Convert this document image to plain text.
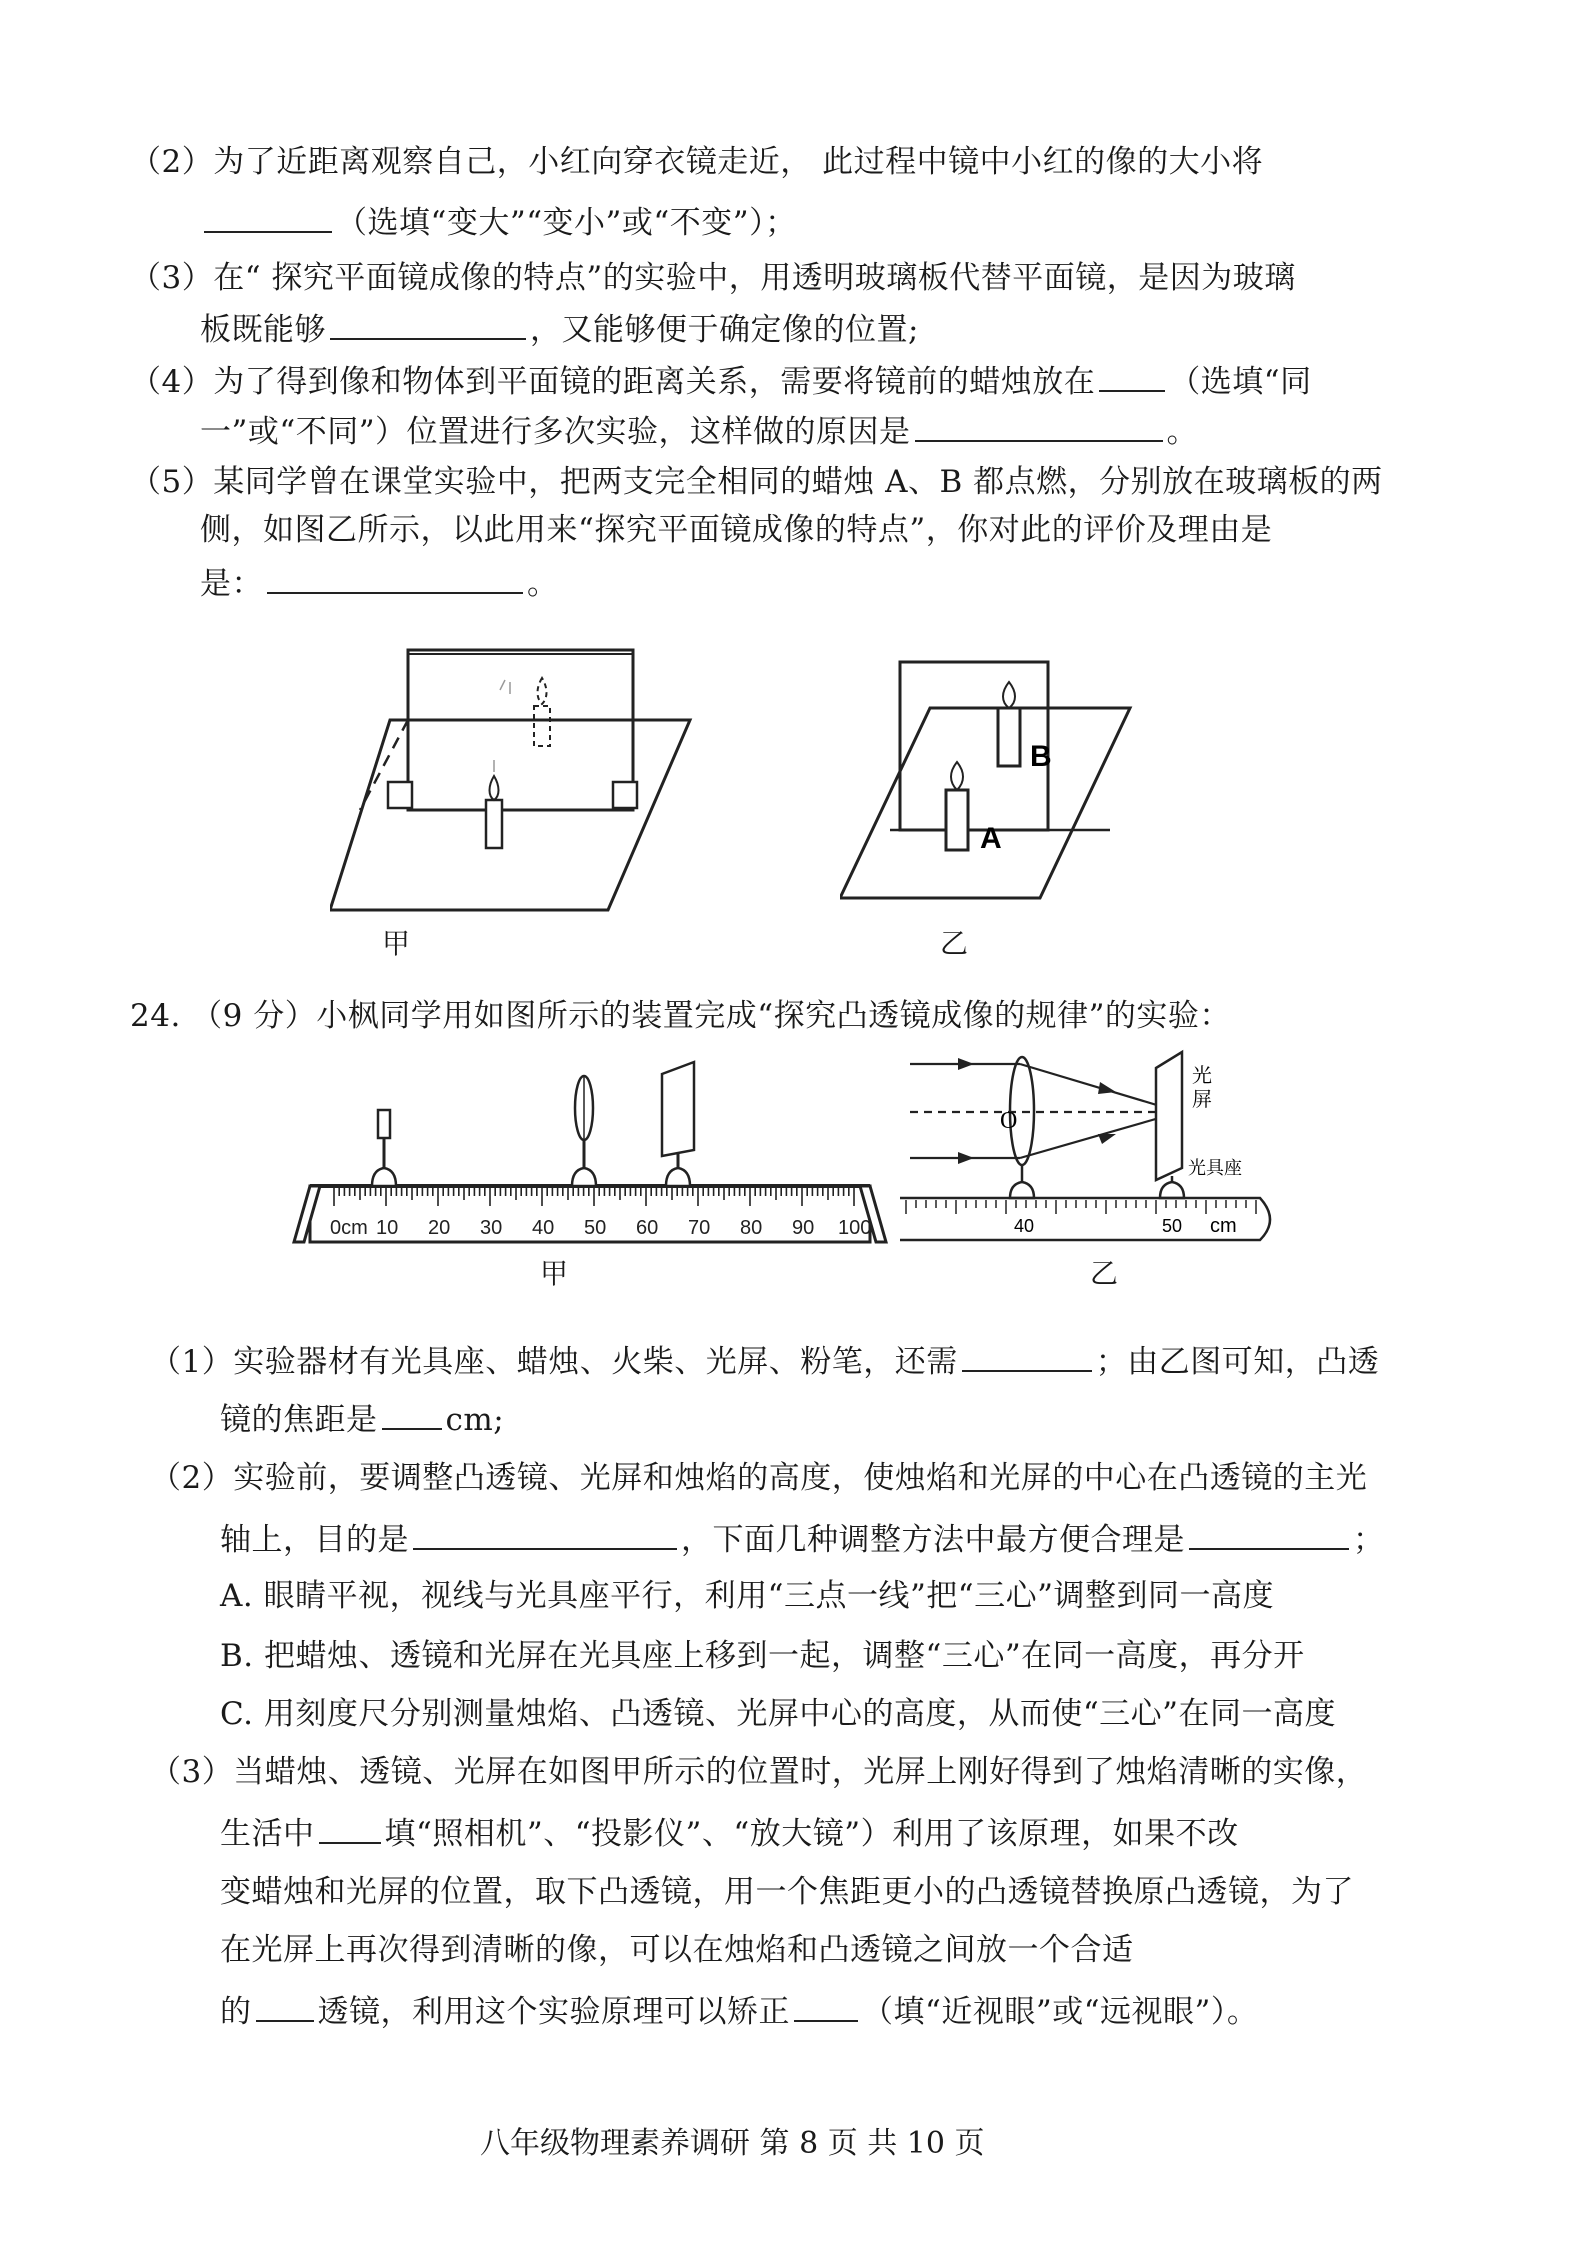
（2）为了近距离观察自己，小红向穿衣镜走近， 此过程中镜中小红的像的大小将
（选填“变大”“变小”或“不变”）；
（3）在“ 探究平面镜成像的特点”的实验中，用透明玻璃板代替平面镜，是因为玻璃
板既能够	，又能够便于确定像的位置;
（4）为了得到像和物体到平面镜的距离关系，需要将镜前的蜡烛放在 （选填“同
一”或“不同”）位置进行多次实验，这样做的原因是	。
（5）某同学曾在课堂实验中，把两支完全相同的蜡烛 A、B 都点燃，分别放在玻璃板的两
侧，如图乙所示，以此用来“探究平面镜成像的特点”，你对此的评价及理由是
是：	。
甲
B
A
乙
24. （9 分）小枫同学用如图所示的装置完成“探究凸透镜成像的规律”的实验：
0cm 10 20 30 40 50 60 70 80 90 100
甲
O
光
屏
光具座
40	50 cm
乙
（1）实验器材有光具座、蜡烛、火柴、光屏、粉笔，还需	；由乙图可知，凸透
镜的焦距是 cm;
（2）实验前，要调整凸透镜、光屏和烛焰的高度，使烛焰和光屏的中心在凸透镜的主光
轴上，目的是	，下面几种调整方法中最方便合理是	；
A. 眼睛平视，视线与光具座平行，利用“三点一线”把“三心”调整到同一高度
B. 把蜡烛、透镜和光屏在光具座上移到一起，调整“三心”在同一高度，再分开
C. 用刻度尺分别测量烛焰、凸透镜、光屏中心的高度，从而使“三心”在同一高度
（3）当蜡烛、透镜、光屏在如图甲所示的位置时，光屏上刚好得到了烛焰清晰的实像，
生活中 填“照相机”、“投影仪”、“放大镜”）利用了该原理，如果不改
变蜡烛和光屏的位置，取下凸透镜，用一个焦距更小的凸透镜替换原凸透镜，为了
在光屏上再次得到清晰的像，可以在烛焰和凸透镜之间放一个合适
的 透镜，利用这个实验原理可以矫正 （填“近视眼”或“远视眼”）。
八年级物理素养调研 第 8 页 共 10 页
